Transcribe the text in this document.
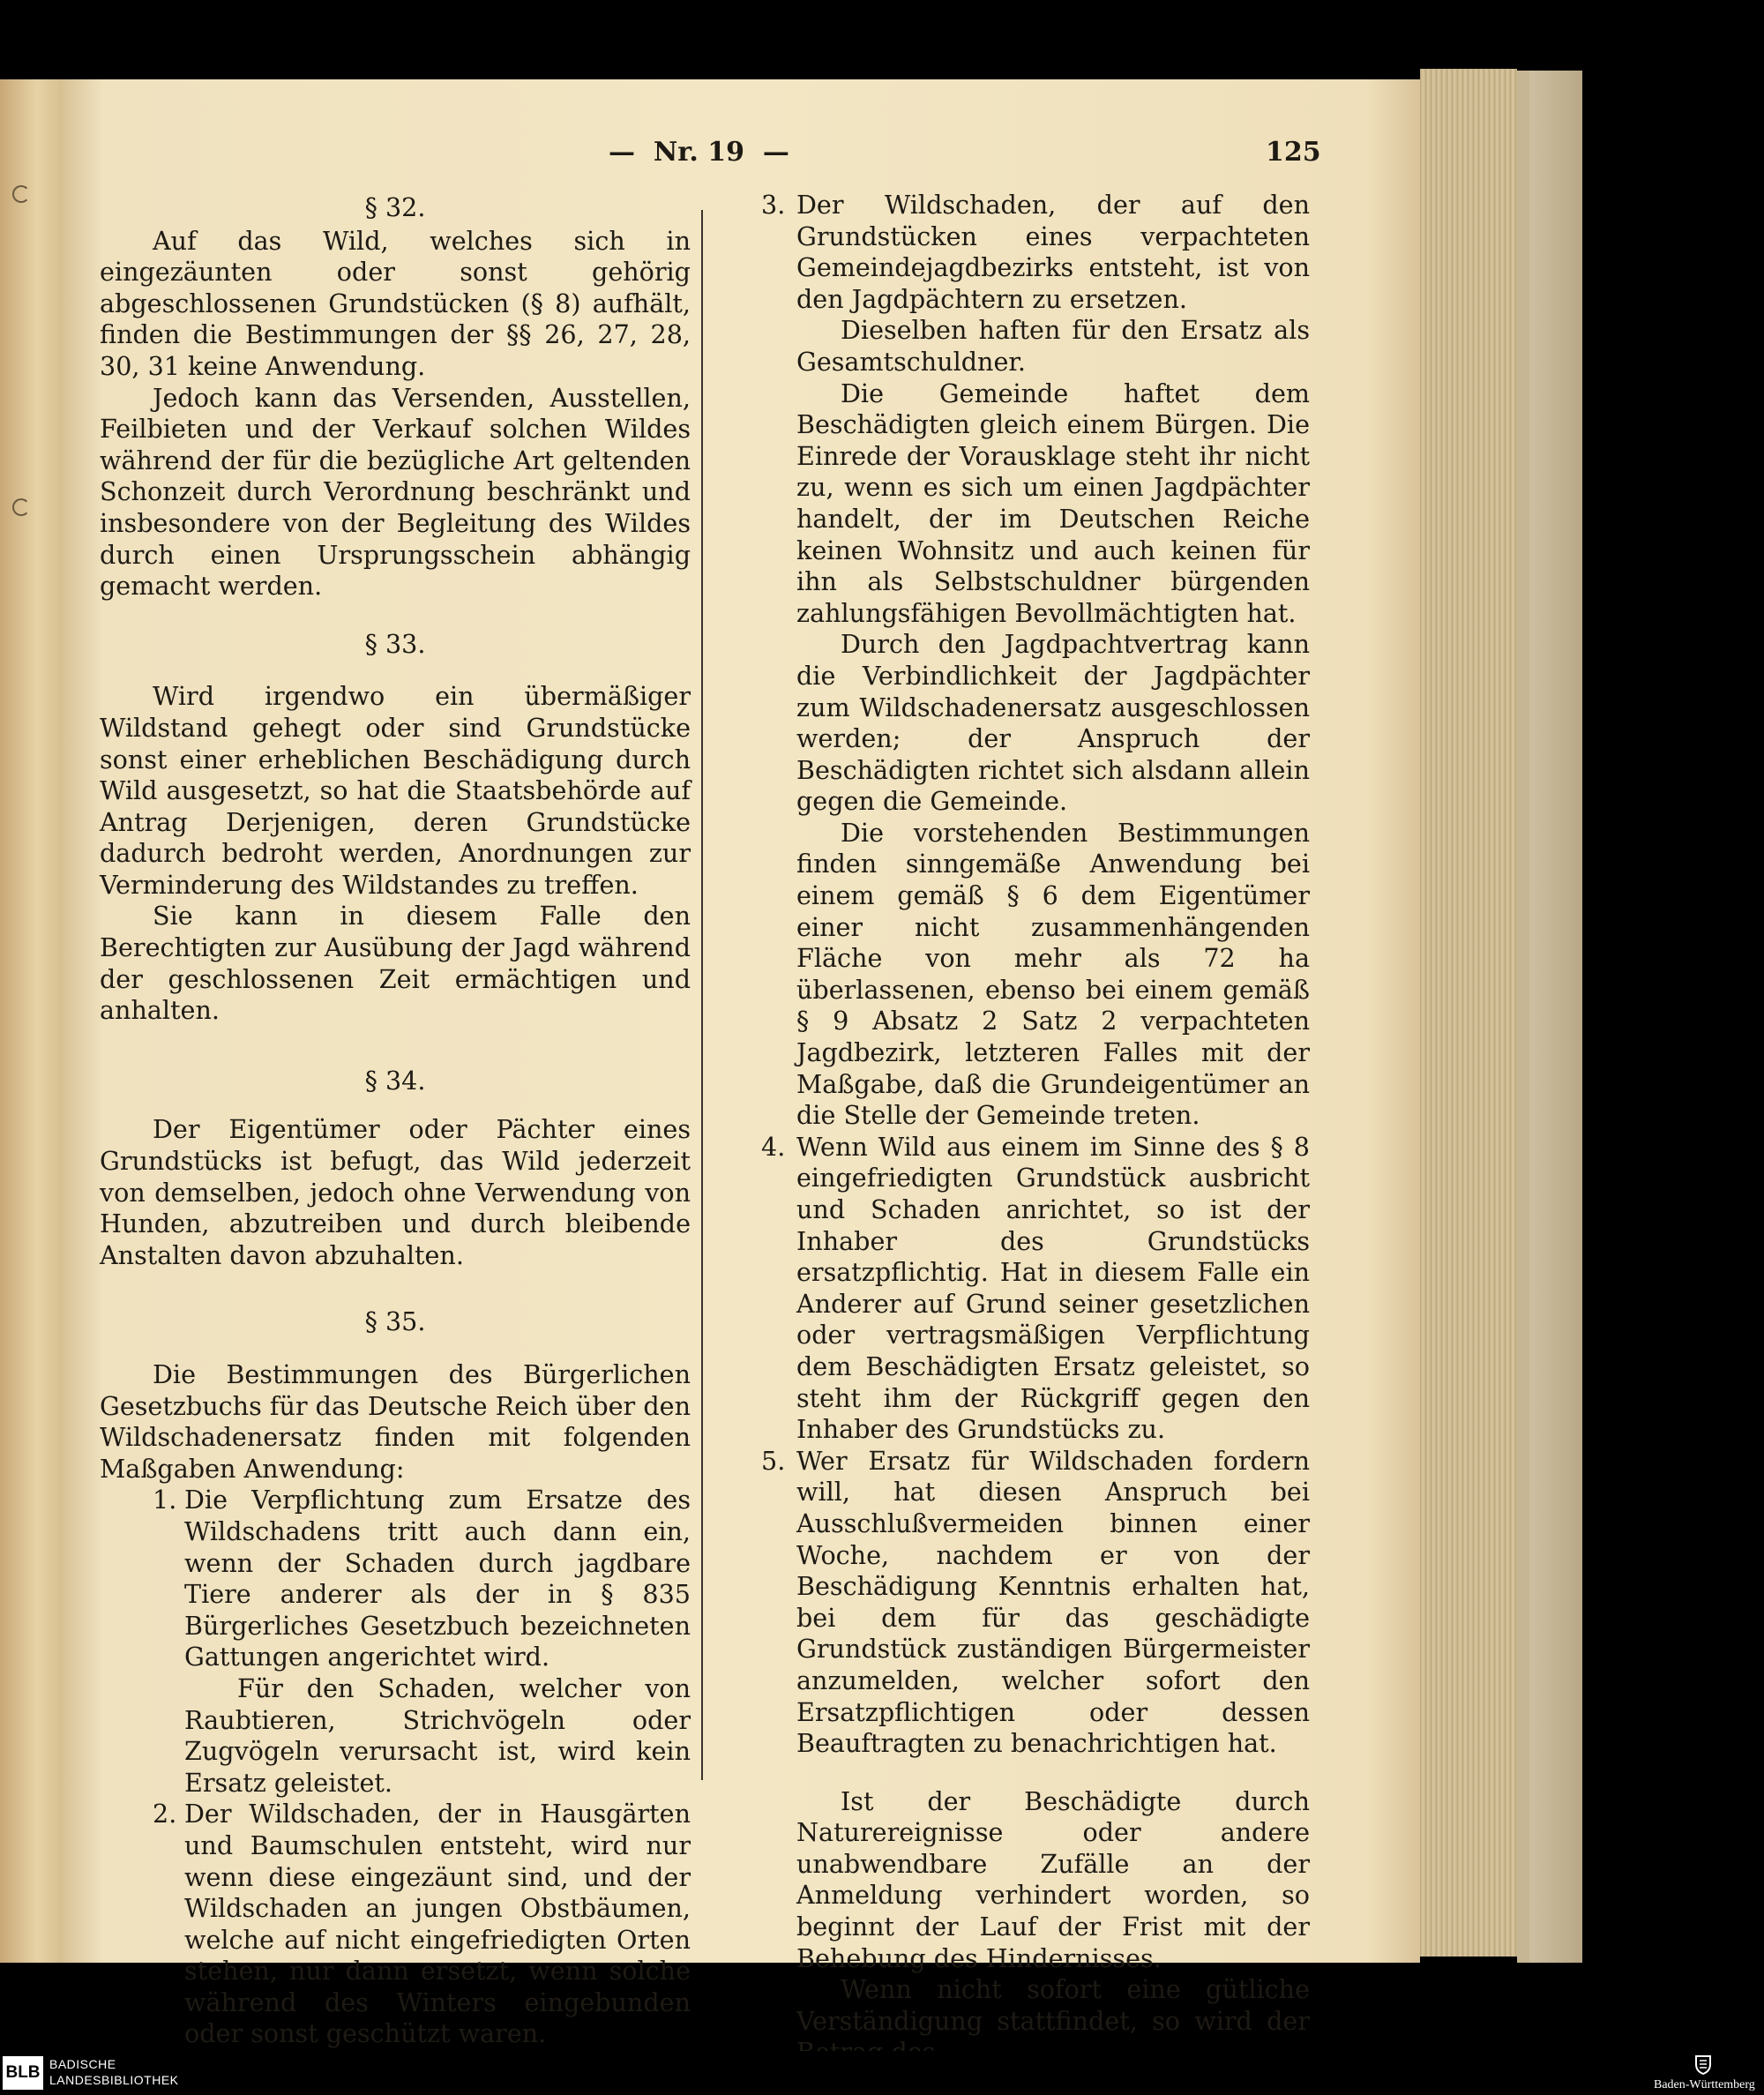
—  Nr. 19  —	125

§ 32.

Auf das Wild, welches sich in eingezäunten oder sonst gehörig abgeschlossenen Grundstücken (§ 8) aufhält, finden die Bestimmungen der §§ 26, 27, 28, 30, 31 keine Anwendung.

Jedoch kann das Versenden, Ausstellen, Feilbieten und der Verkauf solchen Wildes während der für die bezügliche Art geltenden Schonzeit durch Verordnung beschränkt und insbesondere von der Begleitung des Wildes durch einen Ursprungsschein abhängig gemacht werden.

§ 33.

Wird irgendwo ein übermäßiger Wildstand gehegt oder sind Grundstücke sonst einer erheblichen Beschädigung durch Wild ausgesetzt, so hat die Staatsbehörde auf Antrag Derjenigen, deren Grundstücke dadurch bedroht werden, Anordnungen zur Verminderung des Wildstandes zu treffen.

Sie kann in diesem Falle den Berechtigten zur Ausübung der Jagd während der geschlossenen Zeit ermächtigen und anhalten.

§ 34.

Der Eigentümer oder Pächter eines Grundstücks ist befugt, das Wild jederzeit von demselben, jedoch ohne Verwendung von Hunden, abzutreiben und durch bleibende Anstalten davon abzuhalten.

§ 35.

Die Bestimmungen des Bürgerlichen Gesetzbuchs für das Deutsche Reich über den Wildschadenersatz finden mit folgenden Maßgaben Anwendung:

1. Die Verpflichtung zum Ersatze des Wildschadens tritt auch dann ein, wenn der Schaden durch jagdbare Tiere anderer als der in § 835 Bürgerliches Gesetzbuch bezeichneten Gattungen angerichtet wird.

Für den Schaden, welcher von Raubtieren, Strichvögeln oder Zugvögeln verursacht ist, wird kein Ersatz geleistet.

2. Der Wildschaden, der in Hausgärten und Baumschulen entsteht, wird nur wenn diese eingezäunt sind, und der Wildschaden an jungen Obstbäumen, welche auf nicht eingefriedigten Orten stehen, nur dann ersetzt, wenn solche während des Winters eingebunden oder sonst geschützt waren.

3. Der Wildschaden, der auf den Grundstücken eines verpachteten Gemeindejagdbezirks entsteht, ist von den Jagdpächtern zu ersetzen.

Dieselben haften für den Ersatz als Gesamtschuldner.

Die Gemeinde haftet dem Beschädigten gleich einem Bürgen. Die Einrede der Vorausklage steht ihr nicht zu, wenn es sich um einen Jagdpächter handelt, der im Deutschen Reiche keinen Wohnsitz und auch keinen für ihn als Selbstschuldner bürgenden zahlungsfähigen Bevollmächtigten hat.

Durch den Jagdpachtvertrag kann die Verbindlichkeit der Jagdpächter zum Wildschadenersatz ausgeschlossen werden; der Anspruch der Beschädigten richtet sich alsdann allein gegen die Gemeinde.

Die vorstehenden Bestimmungen finden sinngemäße Anwendung bei einem gemäß § 6 dem Eigentümer einer nicht zusammenhängenden Fläche von mehr als 72 ha überlassenen, ebenso bei einem gemäß § 9 Absatz 2 Satz 2 verpachteten Jagdbezirk, letzteren Falles mit der Maßgabe, daß die Grundeigentümer an die Stelle der Gemeinde treten.

4. Wenn Wild aus einem im Sinne des § 8 eingefriedigten Grundstück ausbricht und Schaden anrichtet, so ist der Inhaber des Grundstücks ersatzpflichtig. Hat in diesem Falle ein Anderer auf Grund seiner gesetzlichen oder vertragsmäßigen Verpflichtung dem Beschädigten Ersatz geleistet, so steht ihm der Rückgriff gegen den Inhaber des Grundstücks zu.

5. Wer Ersatz für Wildschaden fordern will, hat diesen Anspruch bei Ausschlußvermeiden binnen einer Woche, nachdem er von der Beschädigung Kenntnis erhalten hat, bei dem für das geschädigte Grundstück zuständigen Bürgermeister anzumelden, welcher sofort den Ersatzpflichtigen oder dessen Beauftragten zu benachrichtigen hat.

Ist der Beschädigte durch Naturereignisse oder andere unabwendbare Zufälle an der Anmeldung verhindert worden, so beginnt der Lauf der Frist mit der Behebung des Hindernisses.

Wenn nicht sofort eine gütliche Verständigung stattfindet, so wird der

BLB BADISCHE
LANDESBIBLIOTHEK	Baden-Württemberg
